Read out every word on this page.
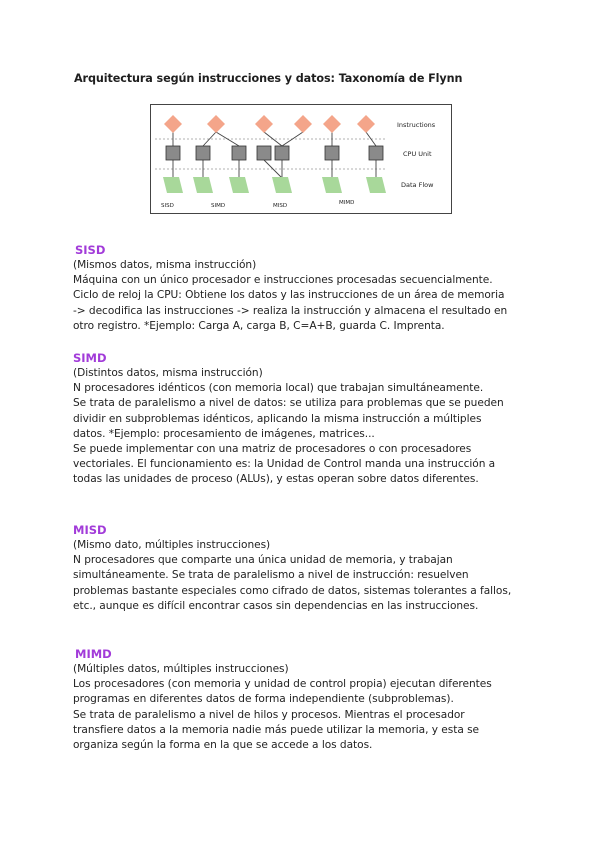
Arquitectura según instrucciones y datos: Taxonomía de Flynn
Instructions
CPU Unit
Data Flow
SISD	SIMD	MISD	MIMD
SISD
(Mismos datos, misma instrucción)
Máquina con un único procesador e instrucciones procesadas secuencialmente.
Ciclo de reloj la CPU: Obtiene los datos y las instrucciones de un área de memoria
-> decodifica las instrucciones -> realiza la instrucción y almacena el resultado en
otro registro. *Ejemplo: Carga A, carga B, C=A+B, guarda C. Imprenta.
SIMD
(Distintos datos, misma instrucción)
N procesadores idénticos (con memoria local) que trabajan simultáneamente.
Se trata de paralelismo a nivel de datos: se utiliza para problemas que se pueden
dividir en subproblemas idénticos, aplicando la misma instrucción a múltiples
datos. *Ejemplo: procesamiento de imágenes, matrices...
Se puede implementar con una matriz de procesadores o con procesadores
vectoriales. El funcionamiento es: la Unidad de Control manda una instrucción a
todas las unidades de proceso (ALUs), y estas operan sobre datos diferentes.
MISD
(Mismo dato, múltiples instrucciones)
N procesadores que comparte una única unidad de memoria, y trabajan
simultáneamente. Se trata de paralelismo a nivel de instrucción: resuelven
problemas bastante especiales como cifrado de datos, sistemas tolerantes a fallos,
etc., aunque es difícil encontrar casos sin dependencias en las instrucciones.
MIMD
(Múltiples datos, múltiples instrucciones)
Los procesadores (con memoria y unidad de control propia) ejecutan diferentes
programas en diferentes datos de forma independiente (subproblemas).
Se trata de paralelismo a nivel de hilos y procesos. Mientras el procesador
transfiere datos a la memoria nadie más puede utilizar la memoria, y esta se
organiza según la forma en la que se accede a los datos.
